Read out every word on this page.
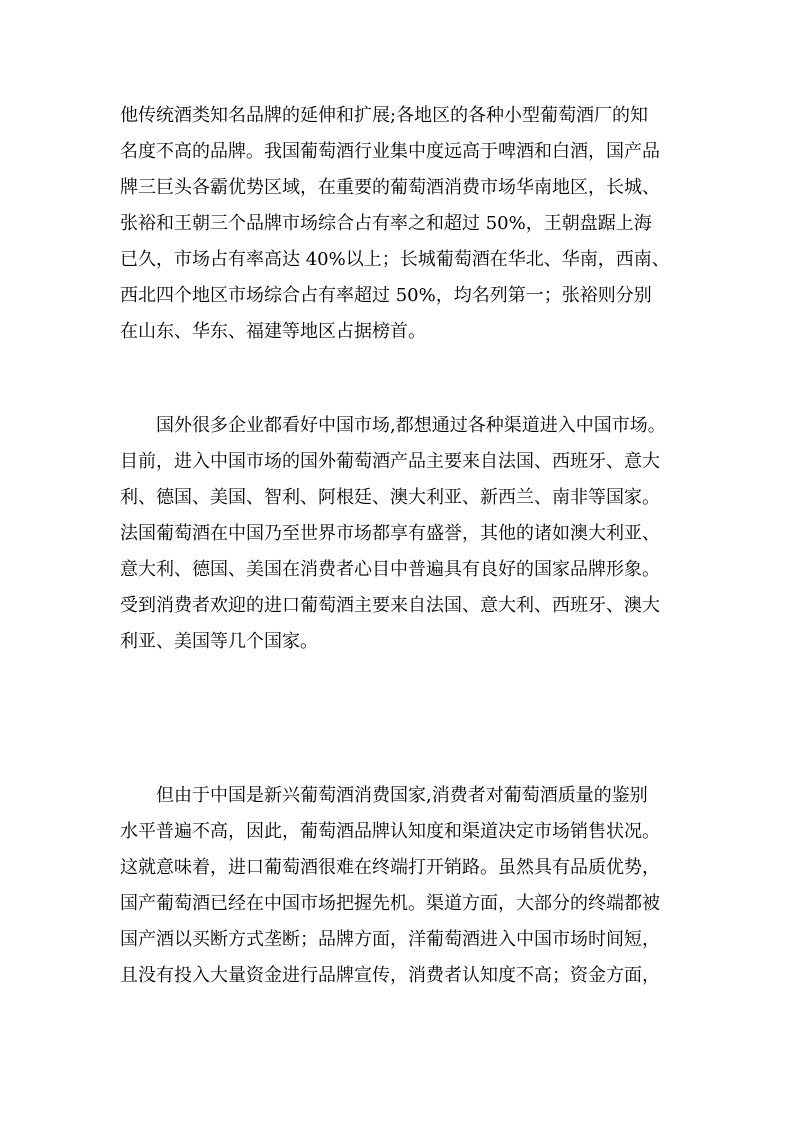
他传统酒类知名品牌的延伸和扩展;各地区的各种小型葡萄酒厂的知
名度不高的品牌。我国葡萄酒行业集中度远高于啤酒和白酒，国产品
牌三巨头各霸优势区域，在重要的葡萄酒消费市场华南地区，长城、
张裕和王朝三个品牌市场综合占有率之和超过 50%，王朝盘踞上海
已久，市场占有率高达 40%以上；长城葡萄酒在华北、华南，西南、
西北四个地区市场综合占有率超过 50%，均名列第一；张裕则分别
在山东、华东、福建等地区占据榜首。
国外很多企业都看好中国市场,都想通过各种渠道进入中国市场。
目前，进入中国市场的国外葡萄酒产品主要来自法国、西班牙、意大
利、德国、美国、智利、阿根廷、澳大利亚、新西兰、南非等国家。
法国葡萄酒在中国乃至世界市场都享有盛誉，其他的诸如澳大利亚、
意大利、德国、美国在消费者心目中普遍具有良好的国家品牌形象。
受到消费者欢迎的进口葡萄酒主要来自法国、意大利、西班牙、澳大
利亚、美国等几个国家。
但由于中国是新兴葡萄酒消费国家,消费者对葡萄酒质量的鉴别
水平普遍不高，因此，葡萄酒品牌认知度和渠道决定市场销售状况。
这就意味着，进口葡萄酒很难在终端打开销路。虽然具有品质优势，
国产葡萄酒已经在中国市场把握先机。渠道方面，大部分的终端都被
国产酒以买断方式垄断；品牌方面，洋葡萄酒进入中国市场时间短，
且没有投入大量资金进行品牌宣传，消费者认知度不高；资金方面，
